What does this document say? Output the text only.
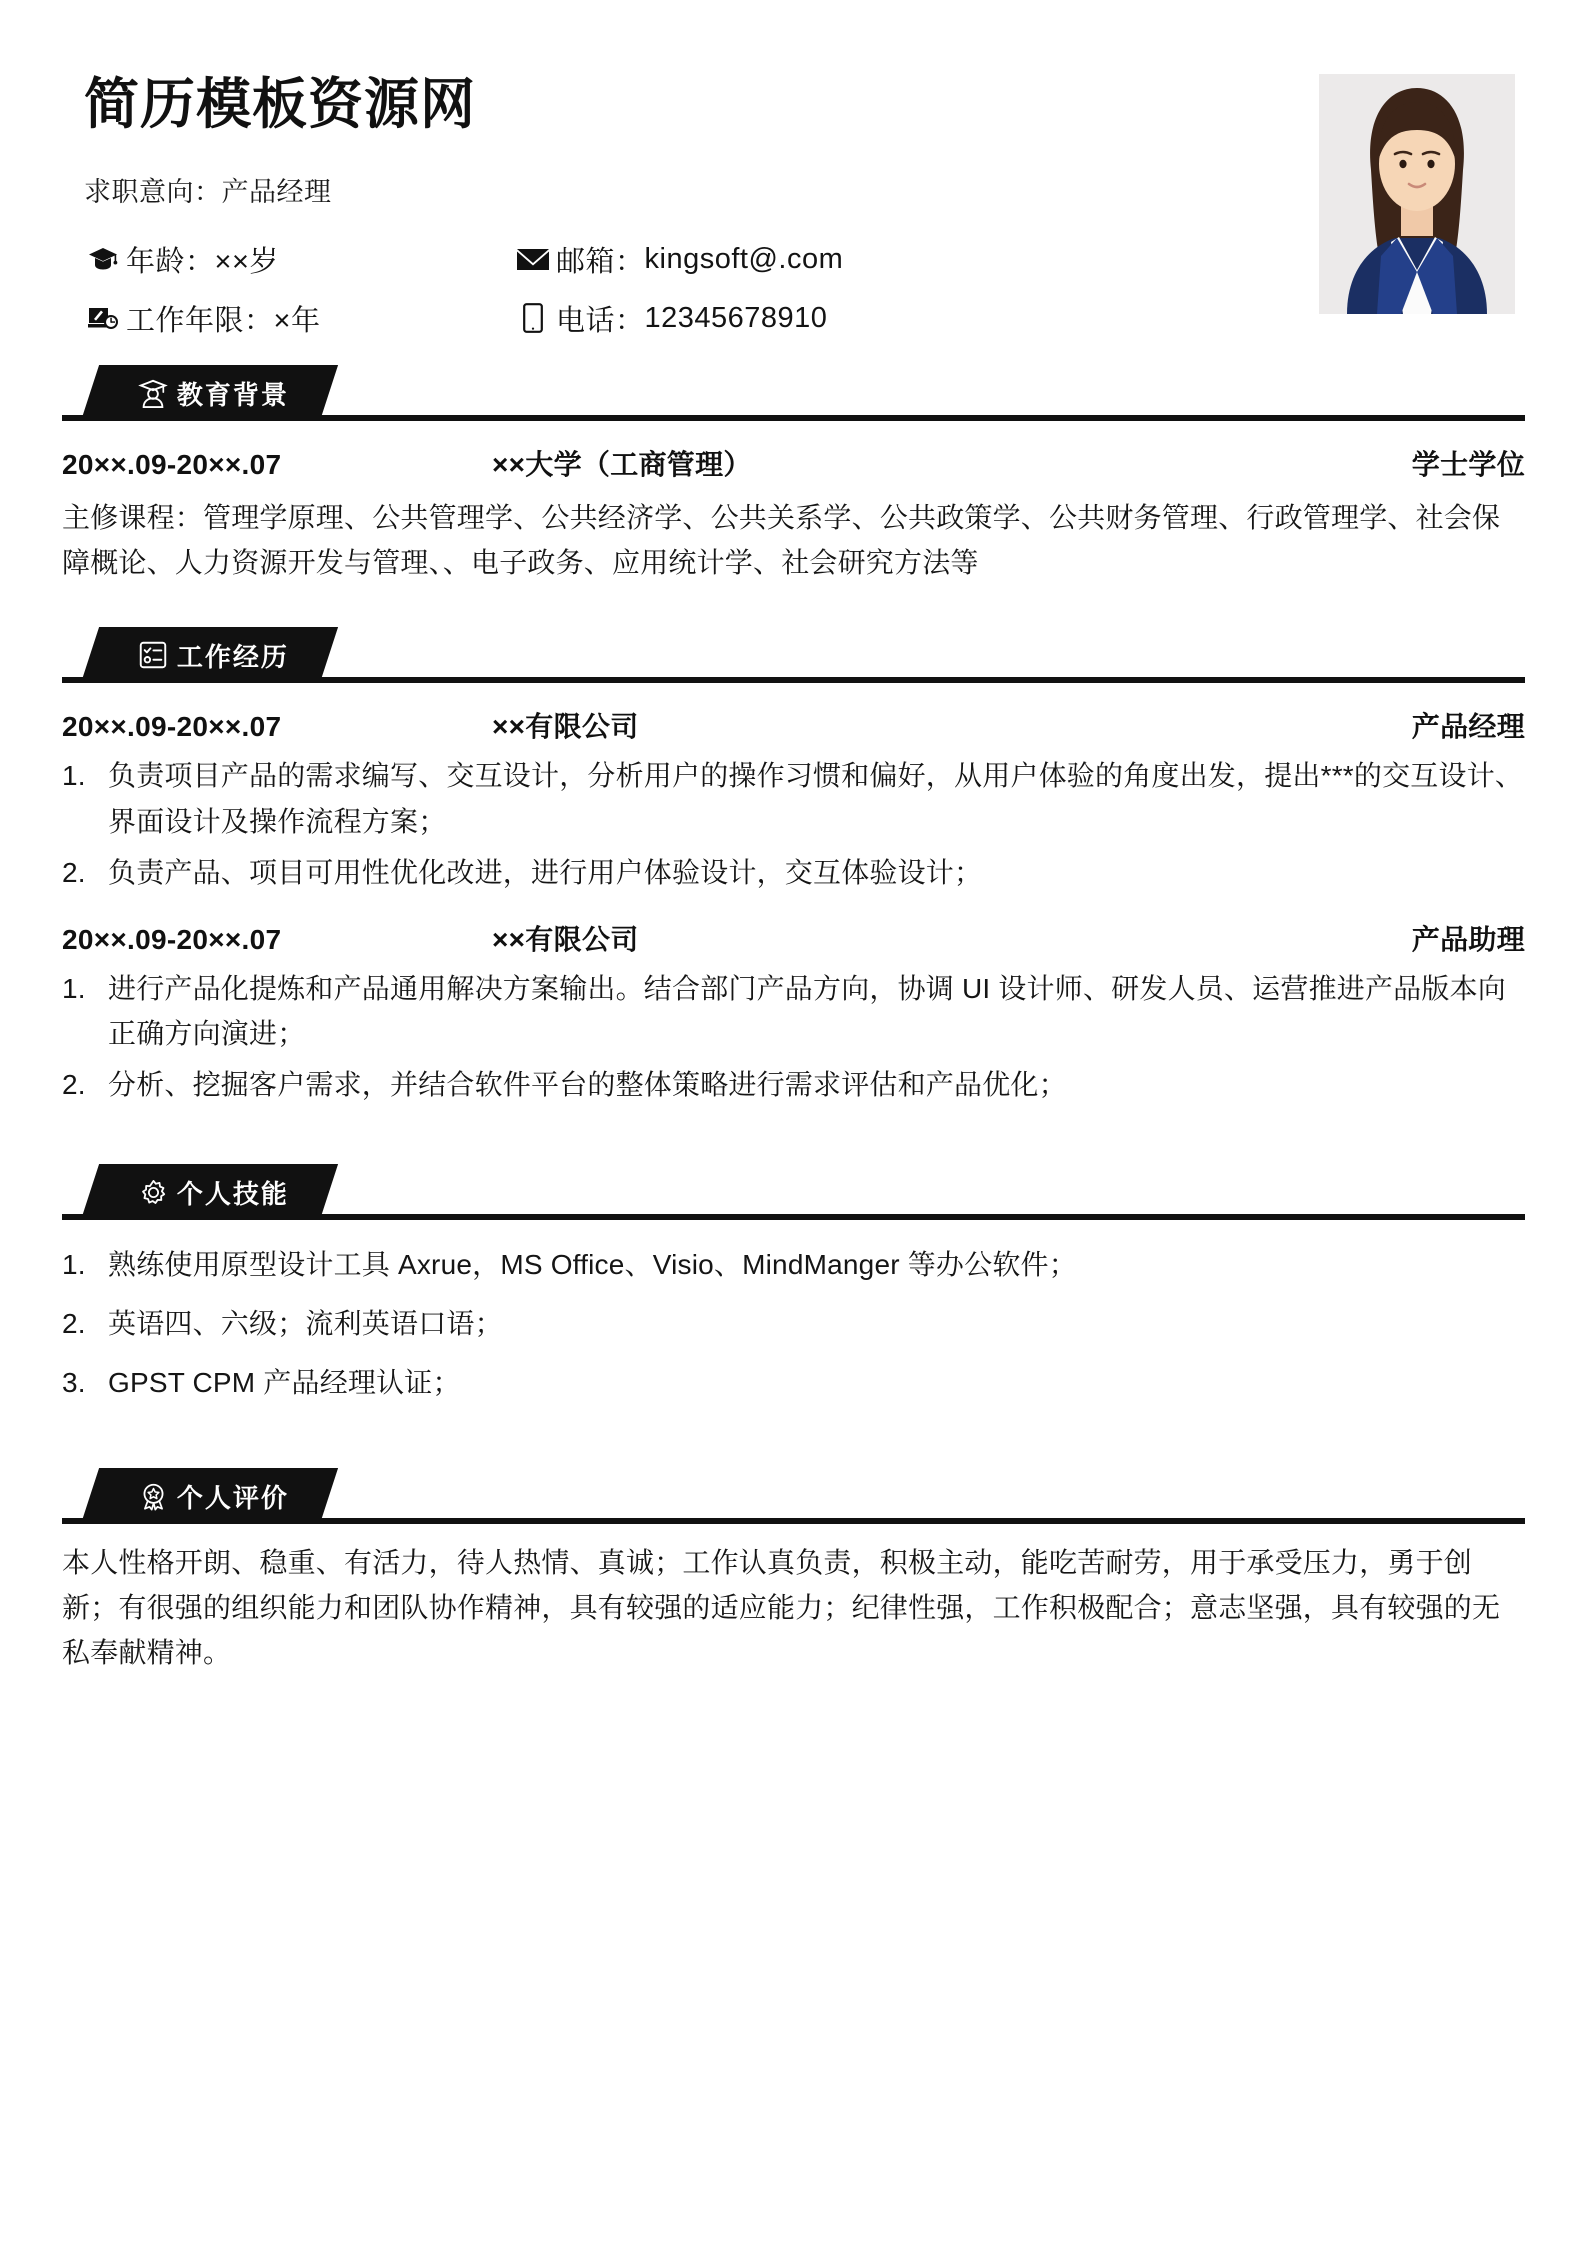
简历模板资源网
求职意向：产品经理
年龄： ××岁	邮箱： kingsoft@.com
工作年限： ×年	电话： 12345678910
教育背景
20××.09-20××.07	××大学（工商管理）	学士学位

主修课程：管理学原理、公共管理学、公共经济学、公共关系学、公共政策学、公共财务管理、行政管理学、社会保障概论、人力资源开发与管理、、电子政务、应用统计学、社会研究方法等

工作经历
20××.09-20××.07	××有限公司	产品经理
1. 负责项目产品的需求编写、交互设计，分析用户的操作习惯和偏好，从用户体验的角度出发，提出***的交互设计、界面设计及操作流程方案；
2. 负责产品、项目可用性优化改进，进行用户体验设计，交互体验设计；
20××.09-20××.07	××有限公司	产品助理
1. 进行产品化提炼和产品通用解决方案输出。结合部门产品方向，协调 UI 设计师、研发人员、运营推进产品版本向正确方向演进；
2. 分析、挖掘客户需求，并结合软件平台的整体策略进行需求评估和产品优化；
个人技能
1. 熟练使用原型设计工具 Axrue，MS Office、Visio、MindManger 等办公软件；
2. 英语四、六级；流利英语口语；
3. GPST CPM 产品经理认证；
个人评价

本人性格开朗、稳重、有活力，待人热情、真诚；工作认真负责，积极主动，能吃苦耐劳，用于承受压力，勇于创新；有很强的组织能力和团队协作精神，具有较强的适应能力；纪律性强，工作积极配合；意志坚强，具有较强的无私奉献精神。
